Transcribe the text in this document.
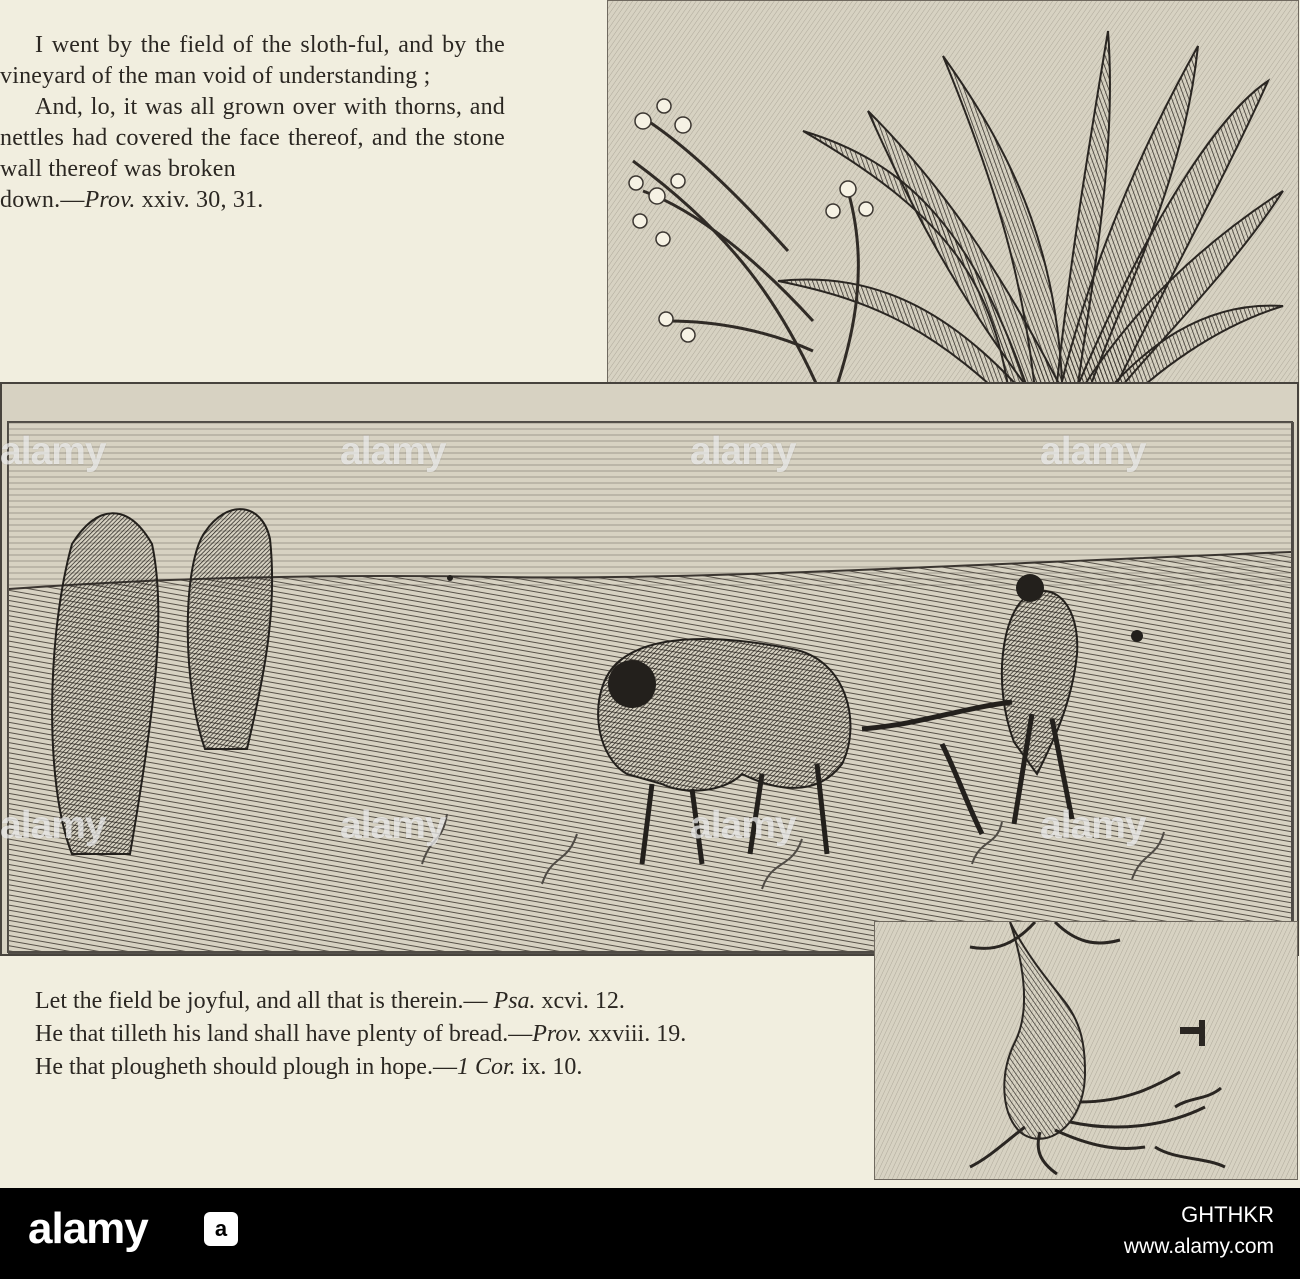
I went by the field of the sloth-ful, and by the vineyard of the man void of understanding ;

And, lo, it was all grown over with thorns, and nettles had covered the face thereof, and the stone wall thereof was broken

down.—Prov. xxiv. 30, 31.

Let the field be joyful, and all that is therein.— Psa. xcvi. 12.

He that tilleth his land shall have plenty of bread.—Prov. xxviii. 19.

He that plougheth should plough in hope.—1 Cor. ix. 10.

alamy	alamy	alamy	alamy
alamy	alamy	alamy	alamy
alamy	a
GHTHKR
www.alamy.com
